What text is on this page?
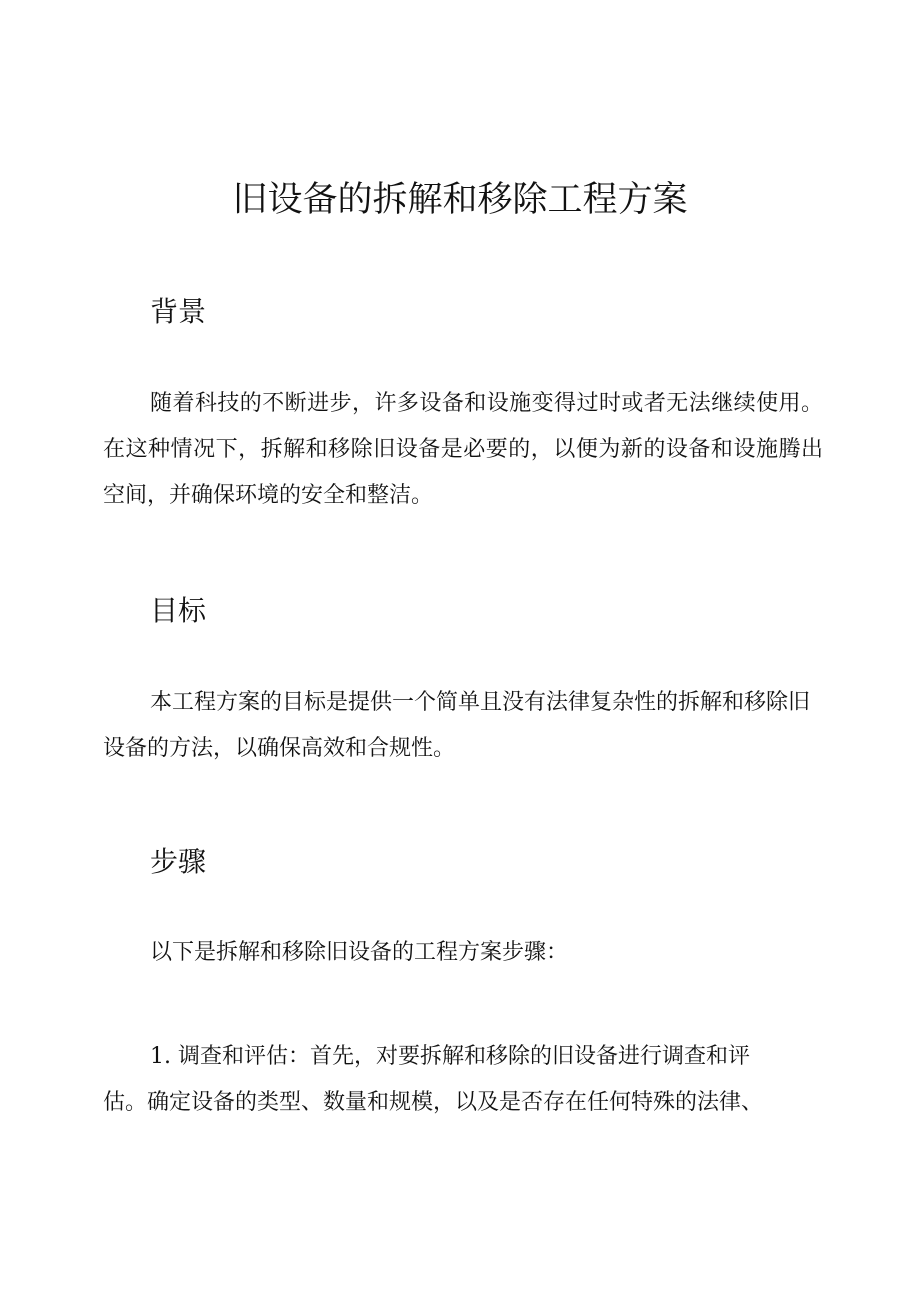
旧设备的拆解和移除工程方案
背景

随着科技的不断进步，许多设备和设施变得过时或者无法继续使用。在这种情况下，拆解和移除旧设备是必要的，以便为新的设备和设施腾出空间，并确保环境的安全和整洁。

目标

本工程方案的目标是提供一个简单且没有法律复杂性的拆解和移除旧设备的方法，以确保高效和合规性。

步骤

以下是拆解和移除旧设备的工程方案步骤：

1. 调查和评估：首先，对要拆解和移除的旧设备进行调查和评估。确定设备的类型、数量和规模，以及是否存在任何特殊的法律、
